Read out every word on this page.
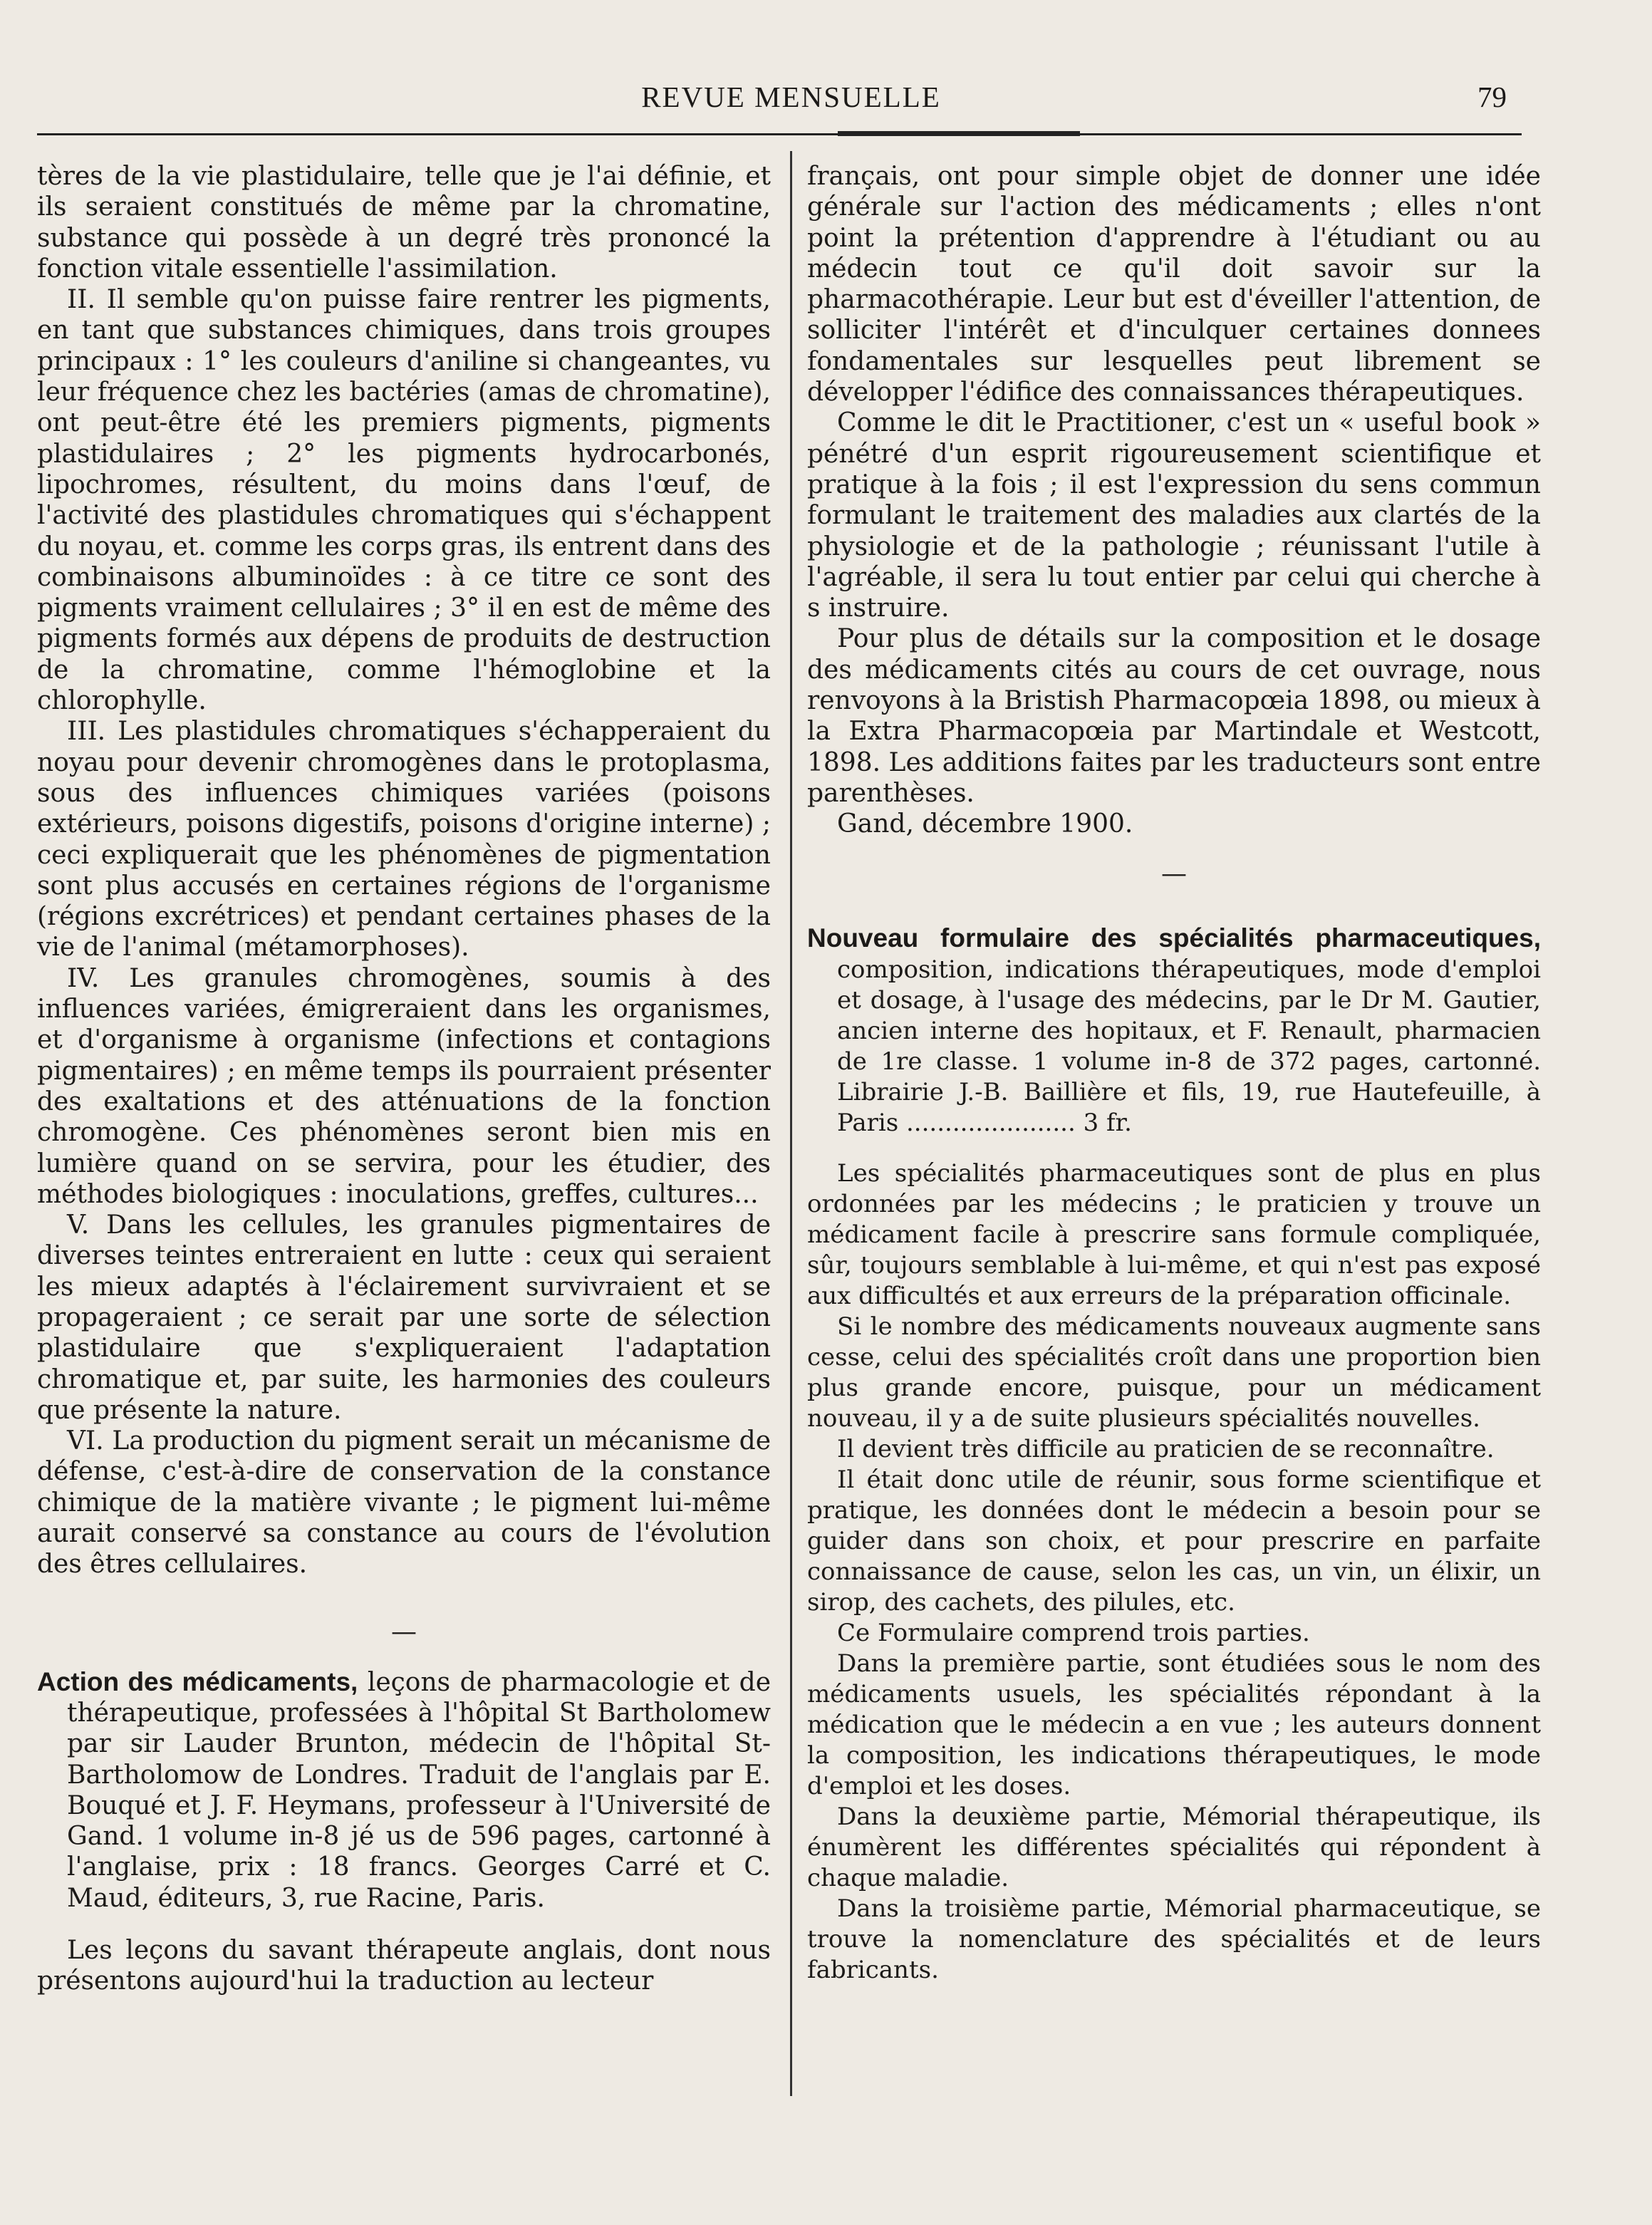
REVUE MENSUELLE	79

tères de la vie plastidulaire, telle que je l'ai définie, et ils seraient constitués de même par la chromatine, substance qui possède à un degré très prononcé la fonction vitale essentielle l'assimilation.

II. Il semble qu'on puisse faire rentrer les pigments, en tant que substances chimiques, dans trois groupes principaux : 1° les couleurs d'aniline si changeantes, vu leur fréquence chez les bactéries (amas de chromatine), ont peut-être été les premiers pigments, pigments plastidulaires ; 2° les pigments hydrocarbonés, lipochromes, résultent, du moins dans l'œuf, de l'activité des plastidules chromatiques qui s'échappent du noyau, et. comme les corps gras, ils entrent dans des combinaisons albuminoïdes : à ce titre ce sont des pigments vraiment cellulaires ; 3° il en est de même des pigments formés aux dépens de produits de destruction de la chromatine, comme l'hémoglobine et la chlorophylle.

III. Les plastidules chromatiques s'échapperaient du noyau pour devenir chromogènes dans le protoplasma, sous des influences chimiques variées (poisons extérieurs, poisons digestifs, poisons d'origine interne) ; ceci expliquerait que les phénomènes de pigmentation sont plus accusés en certaines régions de l'organisme (régions excrétrices) et pendant certaines phases de la vie de l'animal (métamorphoses).

IV. Les granules chromogènes, soumis à des influences variées, émigreraient dans les organismes, et d'organisme à organisme (infections et contagions pigmentaires) ; en même temps ils pourraient présenter des exaltations et des atténuations de la fonction chromogène. Ces phénomènes seront bien mis en lumière quand on se servira, pour les étudier, des méthodes biologiques : inoculations, greffes, cultures...

V. Dans les cellules, les granules pigmentaires de diverses teintes entreraient en lutte : ceux qui seraient les mieux adaptés à l'éclairement survivraient et se propageraient ; ce serait par une sorte de sélection plastidulaire que s'expliqueraient l'adaptation chromatique et, par suite, les harmonies des couleurs que présente la nature.

VI. La production du pigment serait un mécanisme de défense, c'est-à-dire de conservation de la constance chimique de la matière vivante ; le pigment lui-même aurait conservé sa constance au cours de l'évolution des êtres cellulaires.

—

Action des médicaments, leçons de pharmacologie et de thérapeutique, professées à l'hôpital St Bartholomew par sir Lauder Brunton, médecin de l'hôpital St-Bartholomow de Londres. Traduit de l'anglais par E. Bouqué et J. F. Heymans, professeur à l'Université de Gand. 1 volume in-8 jé us de 596 pages, cartonné à l'anglaise, prix : 18 francs. Georges Carré et C. Maud, éditeurs, 3, rue Racine, Paris.

Les leçons du savant thérapeute anglais, dont nous présentons aujourd'hui la traduction au lecteur

français, ont pour simple objet de donner une idée générale sur l'action des médicaments ; elles n'ont point la prétention d'apprendre à l'étudiant ou au médecin tout ce qu'il doit savoir sur la pharmacothérapie. Leur but est d'éveiller l'attention, de solliciter l'intérêt et d'inculquer certaines donnees fondamentales sur lesquelles peut librement se développer l'édifice des connaissances thérapeutiques.

Comme le dit le Practitioner, c'est un « useful book » pénétré d'un esprit rigoureusement scientifique et pratique à la fois ; il est l'expression du sens commun formulant le traitement des maladies aux clartés de la physiologie et de la pathologie ; réunissant l'utile à l'agréable, il sera lu tout entier par celui qui cherche à s instruire.

Pour plus de détails sur la composition et le dosage des médicaments cités au cours de cet ouvrage, nous renvoyons à la Bristish Pharmacopœia 1898, ou mieux à la Extra Pharmacopœia par Martindale et Westcott, 1898. Les additions faites par les traducteurs sont entre parenthèses.

Gand, décembre 1900.

—

Nouveau formulaire des spécialités pharmaceutiques, composition, indications thérapeutiques, mode d'emploi et dosage, à l'usage des médecins, par le Dr M. Gautier, ancien interne des hopitaux, et F. Renault, pharmacien de 1re classe. 1 volume in-8 de 372 pages, cartonné. Librairie J.-B. Baillière et fils, 19, rue Hautefeuille, à Paris ...................... 3 fr.

Les spécialités pharmaceutiques sont de plus en plus ordonnées par les médecins ; le praticien y trouve un médicament facile à prescrire sans formule compliquée, sûr, toujours semblable à lui-même, et qui n'est pas exposé aux difficultés et aux erreurs de la préparation officinale.

Si le nombre des médicaments nouveaux augmente sans cesse, celui des spécialités croît dans une proportion bien plus grande encore, puisque, pour un médicament nouveau, il y a de suite plusieurs spécialités nouvelles.

Il devient très difficile au praticien de se reconnaître.

Il était donc utile de réunir, sous forme scientifique et pratique, les données dont le médecin a besoin pour se guider dans son choix, et pour prescrire en parfaite connaissance de cause, selon les cas, un vin, un élixir, un sirop, des cachets, des pilules, etc.

Ce Formulaire comprend trois parties.

Dans la première partie, sont étudiées sous le nom des médicaments usuels, les spécialités répondant à la médication que le médecin a en vue ; les auteurs donnent la composition, les indications thérapeutiques, le mode d'emploi et les doses.

Dans la deuxième partie, Mémorial thérapeutique, ils énumèrent les différentes spécialités qui répondent à chaque maladie.

Dans la troisième partie, Mémorial pharmaceutique, se trouve la nomenclature des spécialités et de leurs fabricants.
